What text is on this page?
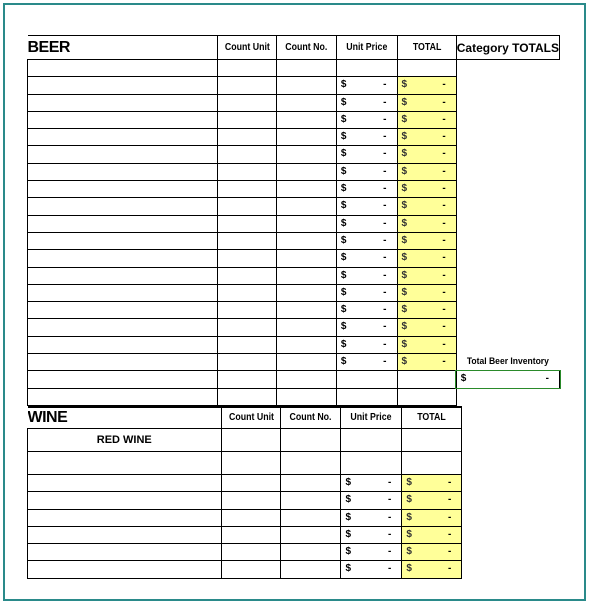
BEER	Count Unit	Count No.	Unit Price	TOTAL	Category TOTALS

			$ -	$ -	

			$ -	$ -	

			$ -	$ -	

			$ -	$ -	

			$ -	$ -	

			$ -	$ -	

			$ -	$ -	

			$ -	$ -	

			$ -	$ -	

			$ -	$ -	

			$ -	$ -	

			$ -	$ -	

			$ -	$ -	

			$ -	$ -	

			$ -	$ -	

			$ -	$ -	

			$ -	$ -	Total Beer Inventory

					$ -

WINE	Count Unit	Count No.	Unit Price	TOTAL	

RED WINE					

			$ -	$ -	

			$ -	$ -	

			$ -	$ -	

			$ -	$ -	

			$ -	$ -	

			$ -	$ -	
